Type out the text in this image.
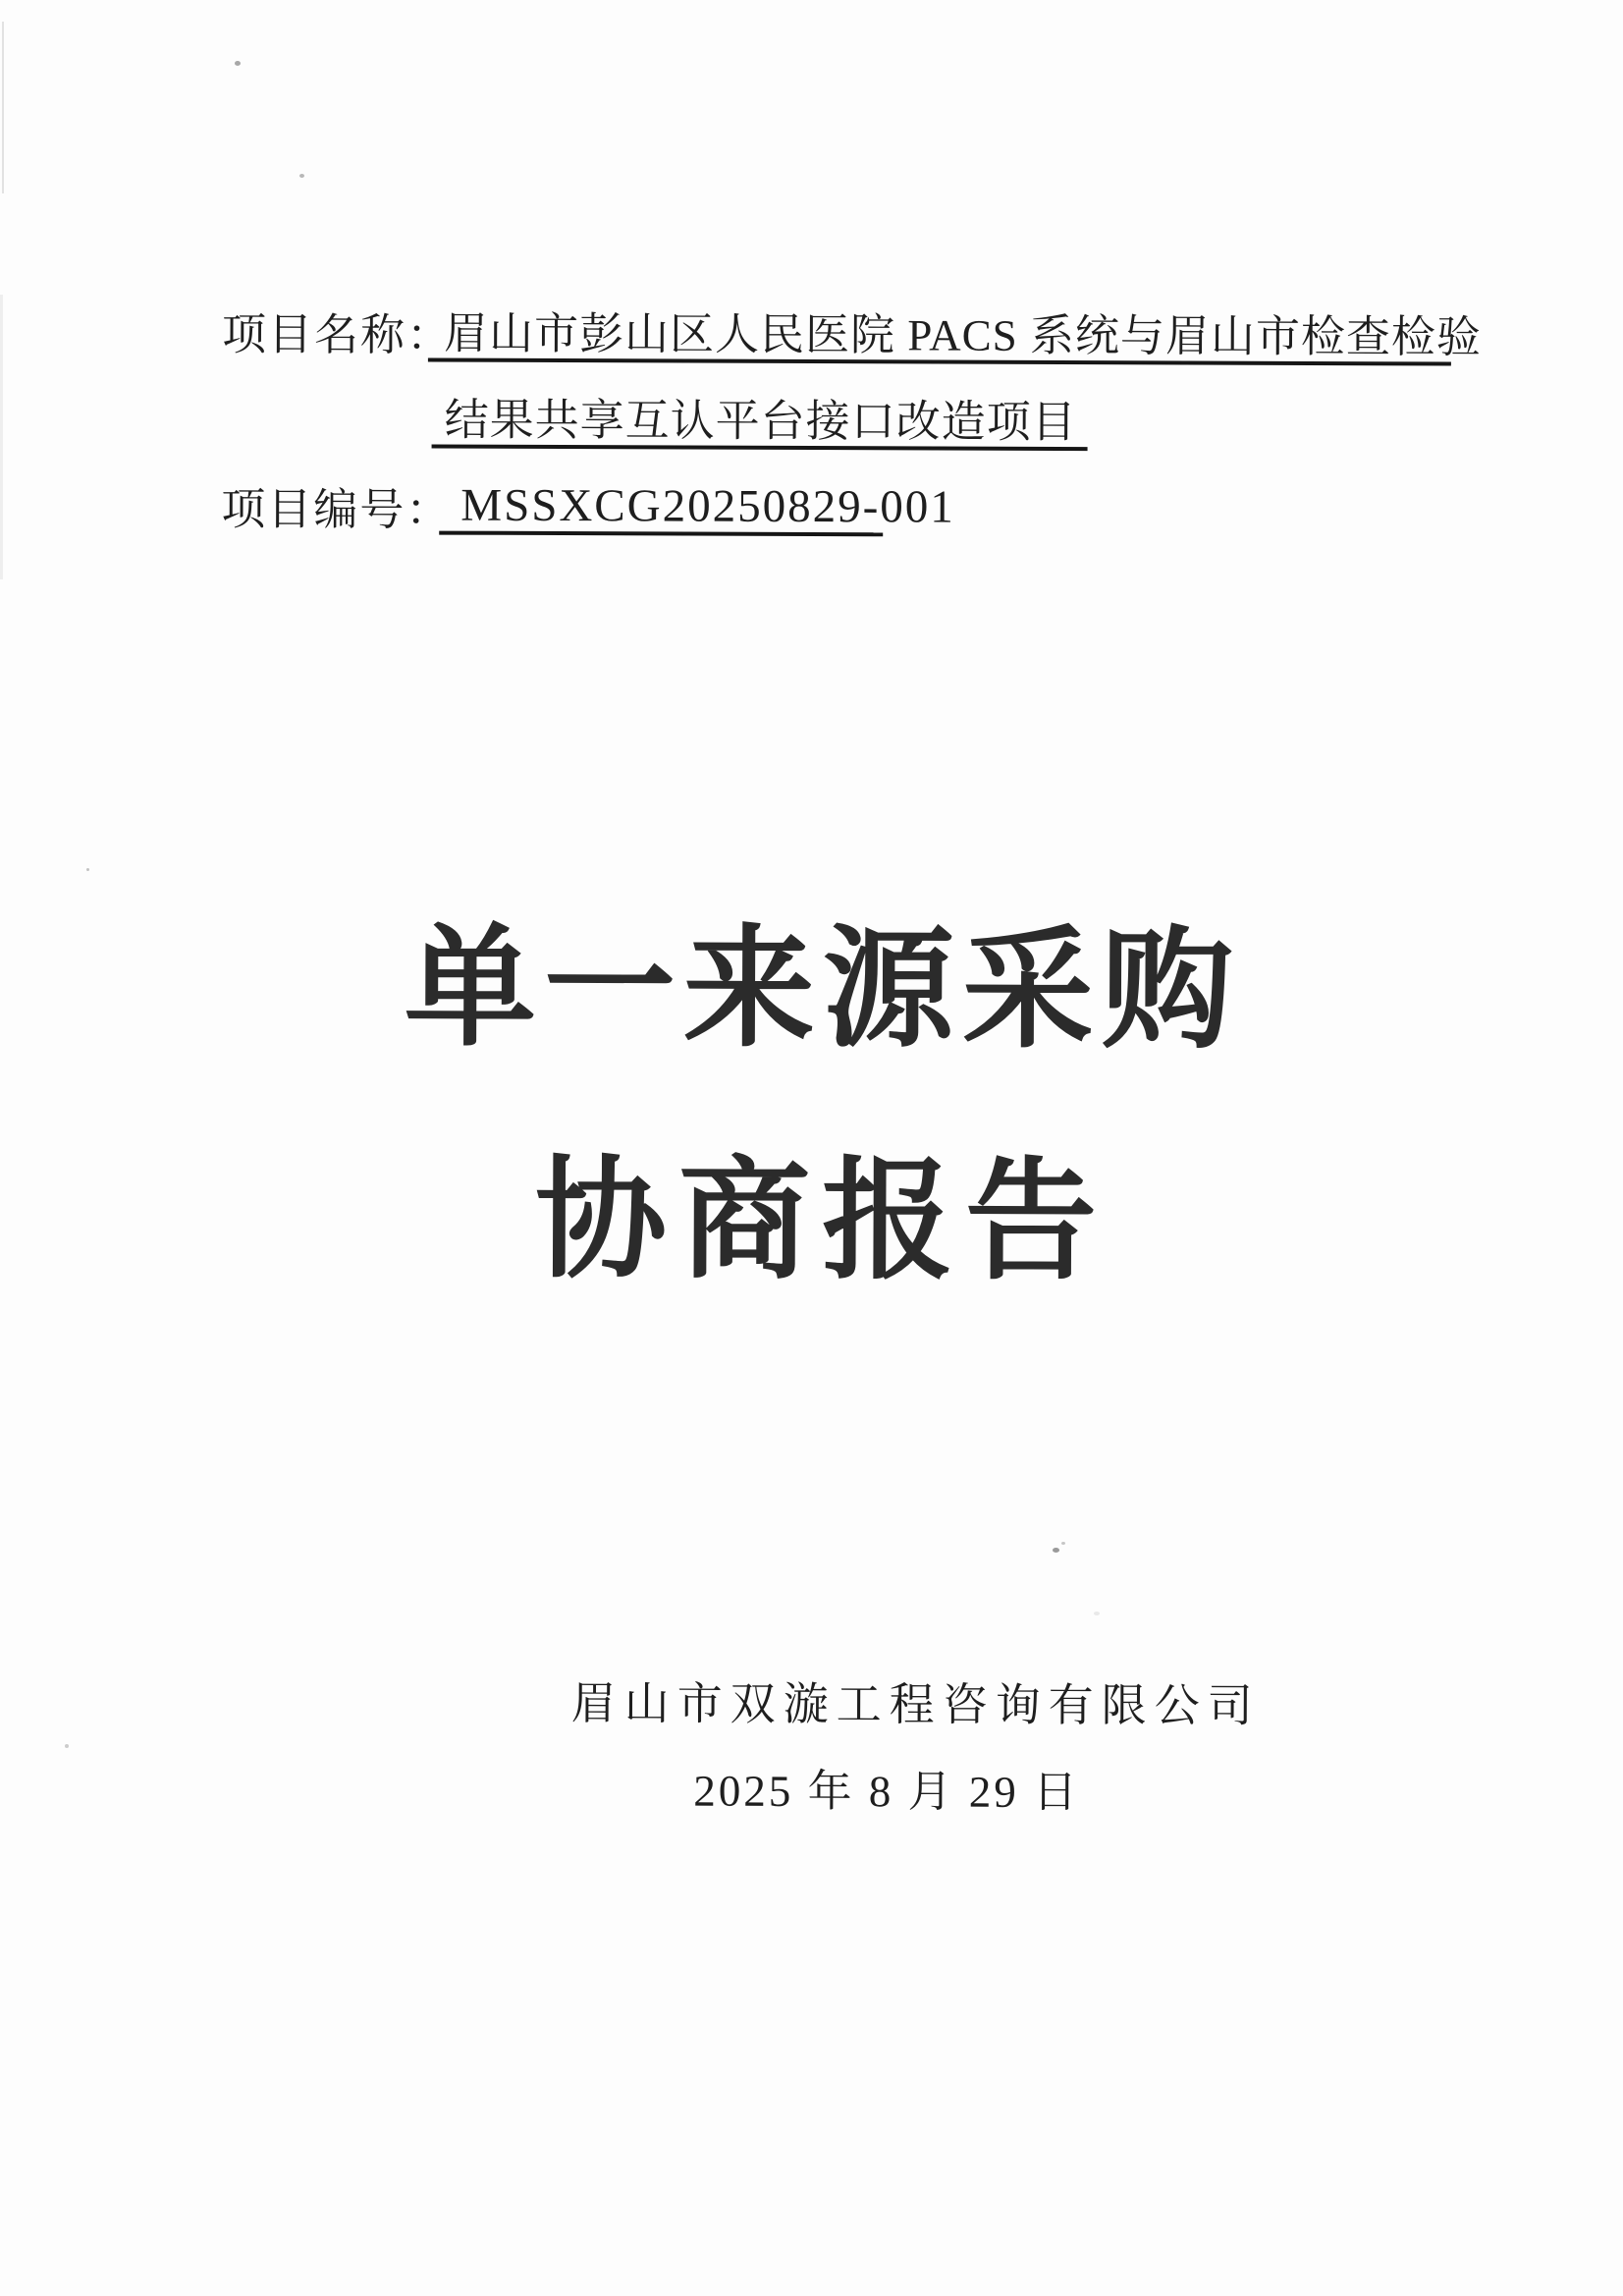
项目名称：
眉山市彭山区人民医院 PACS 系统与眉山市检查检验
结果共享互认平台接口改造项目
项目编号： MSSXCG20250829-001
单一来源采购
协商报告
眉山市双漩工程咨询有限公司
2025 年 8 月 29 日
